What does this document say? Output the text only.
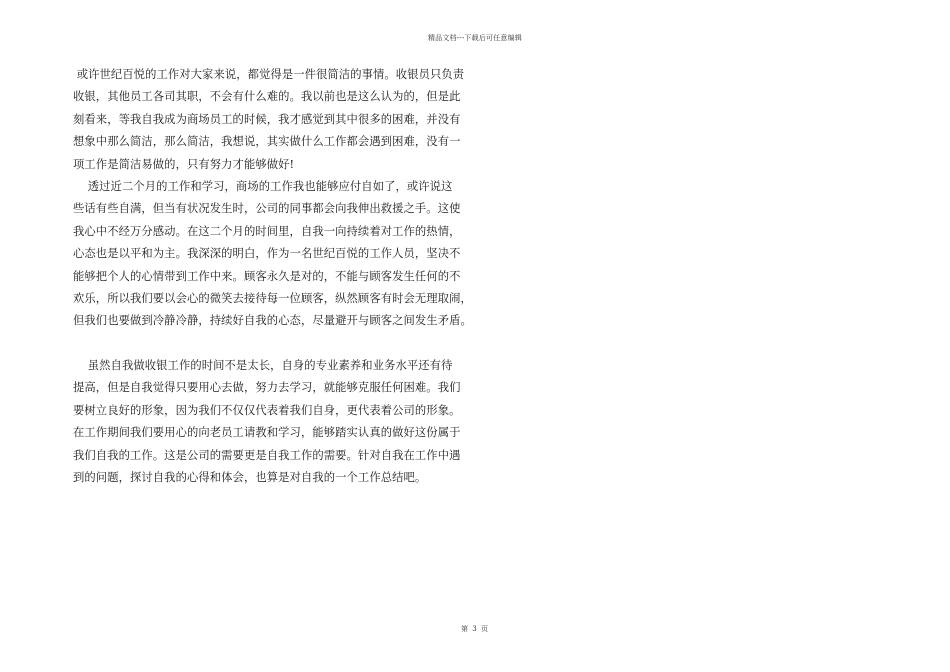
精品文档---下载后可任意编辑
或许世纪百悦的工作对大家来说，都觉得是一件很简洁的事情。收银员只负责
收银，其他员工各司其职，不会有什么难的。我以前也是这么认为的，但是此
刻看来，等我自我成为商场员工的时候，我才感觉到其中很多的困难，并没有
想象中那么简洁，那么简洁，我想说，其实做什么工作都会遇到困难，没有一
项工作是简洁易做的，只有努力才能够做好!
透过近二个月的工作和学习，商场的工作我也能够应付自如了，或许说这
些话有些自满，但当有状况发生时，公司的同事都会向我伸出救援之手。这使
我心中不经万分感动。在这二个月的时间里，自我一向持续着对工作的热情，
心态也是以平和为主。我深深的明白，作为一名世纪百悦的工作人员，坚决不
能够把个人的心情带到工作中来。顾客永久是对的，不能与顾客发生任何的不
欢乐，所以我们要以会心的微笑去接待每一位顾客，纵然顾客有时会无理取闹，
但我们也要做到冷静冷静，持续好自我的心态，尽量避开与顾客之间发生矛盾。
虽然自我做收银工作的时间不是太长，自身的专业素养和业务水平还有待
提高，但是自我觉得只要用心去做，努力去学习，就能够克服任何困难。我们
要树立良好的形象，因为我们不仅仅代表着我们自身，更代表着公司的形象。
在工作期间我们要用心的向老员工请教和学习，能够踏实认真的做好这份属于
我们自我的工作。这是公司的需要更是自我工作的需要。针对自我在工作中遇
到的问题，探讨自我的心得和体会，也算是对自我的一个工作总结吧。
第 3 页
